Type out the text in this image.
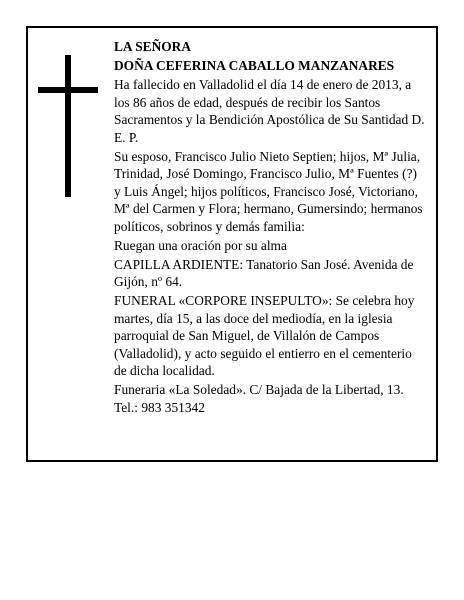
LA SEÑORA

DOÑA CEFERINA CABALLO MANZANARES

Ha fallecido en Valladolid el día 14 de enero de 2013, a los 86 años de edad, después de recibir los Santos Sacramentos y la Bendición Apostólica de Su Santidad D. E. P.

Su esposo, Francisco Julio Nieto Septien; hijos, Mª Julia, Trinidad, José Domingo, Francisco Julio, Mª Fuentes (?) y Luis Ángel; hijos políticos, Francisco José, Victoriano, Mª del Carmen y Flora; hermano, Gumersindo; hermanos políticos, sobrinos y demás familia:

Ruegan una oración por su alma

CAPILLA ARDIENTE: Tanatorio San José. Avenida de Gijón, nº 64.

FUNERAL «CORPORE INSEPULTO»: Se celebra hoy martes, día 15, a las doce del mediodía, en la iglesia parroquial de San Miguel, de Villalón de Campos (Valladolid), y acto seguido el entierro en el cementerio de dicha localidad.

Funeraria «La Soledad». C/ Bajada de la Libertad, 13. Tel.: 983 351342
